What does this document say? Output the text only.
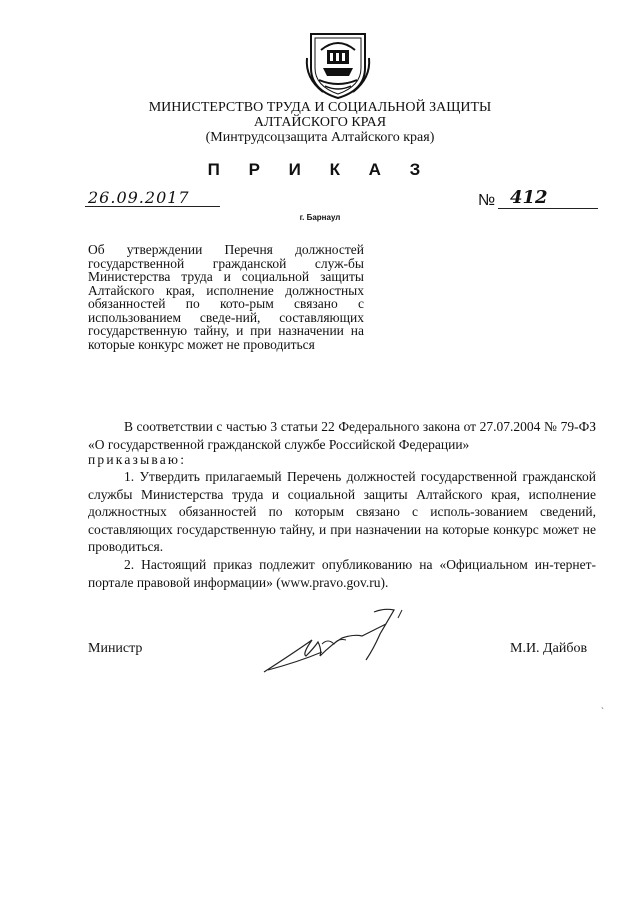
МИНИСТЕРСТВО ТРУДА И СОЦИАЛЬНОЙ ЗАЩИТЫ
АЛТАЙСКОГО КРАЯ
(Минтрудсоцзащита Алтайского края)
П Р И К А З
26.09.2017	№ 412
г. Барнаул
Об утверждении Перечня должностей государственной гражданской служ-бы Министерства труда и социальной защиты Алтайского края, исполнение должностных обязанностей по кото-рым связано с использованием сведе-ний, составляющих государственную тайну, и при назначении на которые конкурс может не проводиться
В соответствии с частью 3 статьи 22 Федерального закона от 27.07.2004 № 79-ФЗ «О государственной гражданской службе Российской Федерации»
приказываю:
1. Утвердить прилагаемый Перечень должностей государственной гражданской службы Министерства труда и социальной защиты Алтайского края, исполнение должностных обязанностей по которым связано с исполь-зованием сведений, составляющих государственную тайну, и при назначении на которые конкурс может не проводиться.
2. Настоящий приказ подлежит опубликованию на «Официальном ин-тернет-портале правовой информации» (www.pravo.gov.ru).
Министр	М.И. Дайбов
`
